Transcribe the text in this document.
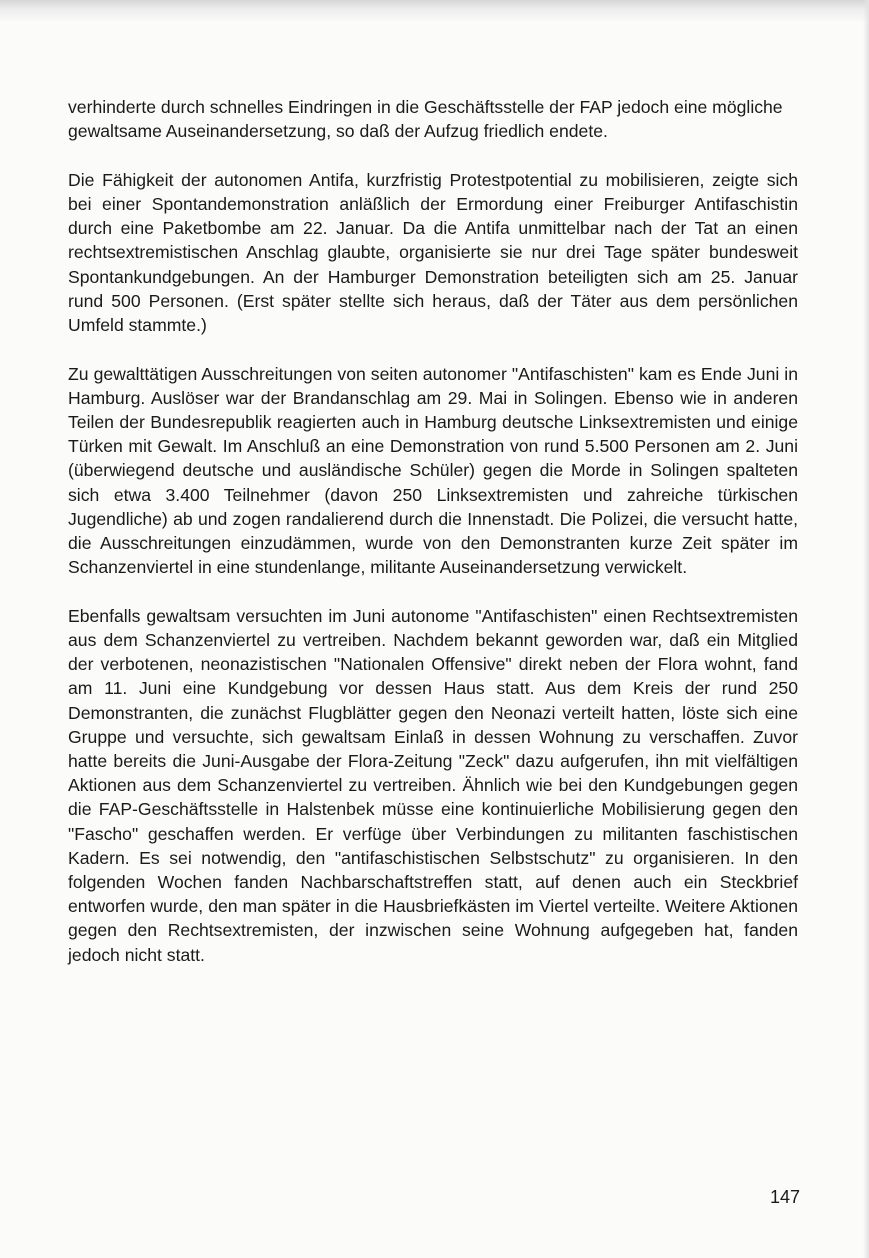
verhinderte durch schnelles Eindringen in die Geschäftsstelle der FAP jedoch eine mögliche gewaltsame Auseinandersetzung, so daß der Aufzug friedlich endete.

Die Fähigkeit der autonomen Antifa, kurzfristig Protestpotential zu mobilisieren, zeigte sich bei einer Spontandemonstration anläßlich der Ermordung einer Freiburger Antifaschistin durch eine Paketbombe am 22. Januar. Da die Antifa unmittelbar nach der Tat an einen rechtsextremistischen Anschlag glaubte, organisierte sie nur drei Tage später bundesweit Spontankundgebungen. An der Hamburger Demonstration beteiligten sich am 25. Januar rund 500 Personen. (Erst später stellte sich heraus, daß der Täter aus dem persönlichen Umfeld stammte.)

Zu gewalttätigen Ausschreitungen von seiten autonomer "Antifaschisten" kam es Ende Juni in Hamburg. Auslöser war der Brandanschlag am 29. Mai in Solingen. Ebenso wie in anderen Teilen der Bundesrepublik reagierten auch in Hamburg deutsche Linksextremisten und einige Türken mit Gewalt. Im Anschluß an eine Demonstration von rund 5.500 Personen am 2. Juni (überwiegend deutsche und ausländische Schüler) gegen die Morde in Solingen spalteten sich etwa 3.400 Teilnehmer (davon 250 Linksextremisten und zahreiche türkischen Jugendliche) ab und zogen randalierend durch die Innenstadt. Die Polizei, die versucht hatte, die Ausschreitungen einzudämmen, wurde von den Demonstranten kurze Zeit später im Schanzenviertel in eine stundenlange, militante Auseinandersetzung verwickelt.

Ebenfalls gewaltsam versuchten im Juni autonome "Antifaschisten" einen Rechtsextremisten aus dem Schanzenviertel zu vertreiben. Nachdem bekannt geworden war, daß ein Mitglied der verbotenen, neonazistischen "Nationalen Offensive" direkt neben der Flora wohnt, fand am 11. Juni eine Kundgebung vor dessen Haus statt. Aus dem Kreis der rund 250 Demonstranten, die zunächst Flugblätter gegen den Neonazi verteilt hatten, löste sich eine Gruppe und versuchte, sich gewaltsam Einlaß in dessen Wohnung zu verschaffen. Zuvor hatte bereits die Juni-Ausgabe der Flora-Zeitung "Zeck" dazu aufgerufen, ihn mit vielfältigen Aktionen aus dem Schanzenviertel zu vertreiben. Ähnlich wie bei den Kundgebungen gegen die FAP-Geschäftsstelle in Halstenbek müsse eine kontinuierliche Mobilisierung gegen den "Fascho" geschaffen werden. Er verfüge über Verbindungen zu militanten faschistischen Kadern. Es sei notwendig, den "antifaschistischen Selbstschutz" zu organisieren. In den folgenden Wochen fanden Nachbarschaftstreffen statt, auf denen auch ein Steckbrief entworfen wurde, den man später in die Hausbriefkästen im Viertel verteilte. Weitere Aktionen gegen den Rechtsextremisten, der inzwischen seine Wohnung aufgegeben hat, fanden jedoch nicht statt.

147
